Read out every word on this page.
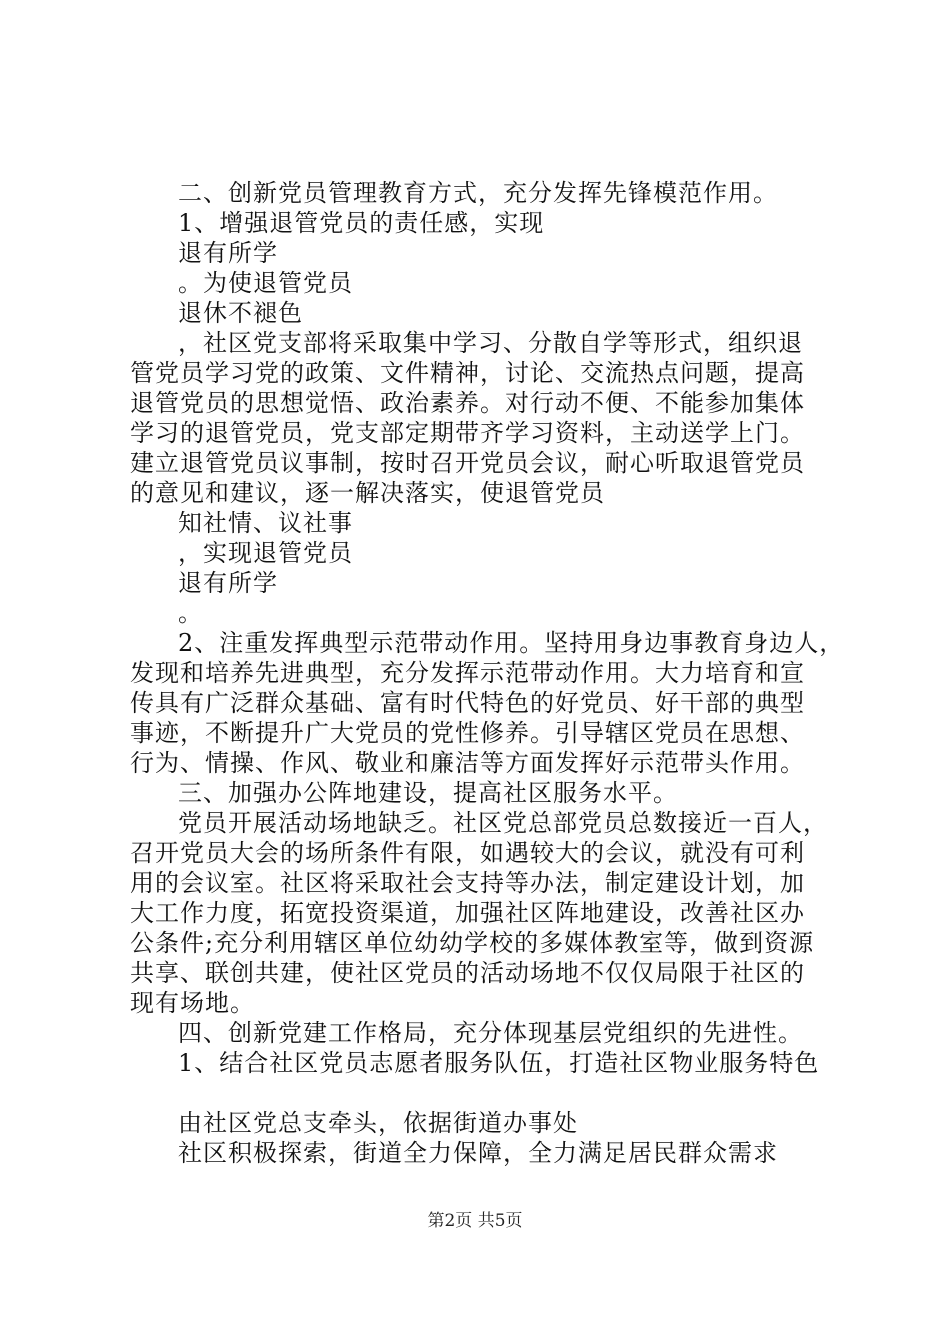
二、创新党员管理教育方式，充分发挥先锋模范作用。
1、增强退管党员的责任感，实现
退有所学
。为使退管党员
退休不褪色
，社区党支部将采取集中学习、分散自学等形式，组织退
管党员学习党的政策、文件精神，讨论、交流热点问题，提高
退管党员的思想觉悟、政治素养。对行动不便、不能参加集体
学习的退管党员，党支部定期带齐学习资料，主动送学上门。
建立退管党员议事制，按时召开党员会议，耐心听取退管党员
的意见和建议，逐一解决落实，使退管党员
知社情、议社事
，实现退管党员
退有所学
。
2、注重发挥典型示范带动作用。坚持用身边事教育身边人，
发现和培养先进典型，充分发挥示范带动作用。大力培育和宣
传具有广泛群众基础、富有时代特色的好党员、好干部的典型
事迹，不断提升广大党员的党性修养。引导辖区党员在思想、
行为、情操、作风、敬业和廉洁等方面发挥好示范带头作用。
三、加强办公阵地建设，提高社区服务水平。
党员开展活动场地缺乏。社区党总部党员总数接近一百人，
召开党员大会的场所条件有限，如遇较大的会议，就没有可利
用的会议室。社区将采取社会支持等办法，制定建设计划，加
大工作力度，拓宽投资渠道，加强社区阵地建设，改善社区办
公条件;充分利用辖区单位幼幼学校的多媒体教室等，做到资源
共享、联创共建，使社区党员的活动场地不仅仅局限于社区的
现有场地。
四、创新党建工作格局，充分体现基层党组织的先进性。
1、结合社区党员志愿者服务队伍，打造社区物业服务特色
由社区党总支牵头，依据街道办事处
社区积极探索，街道全力保障，全力满足居民群众需求
第2页 共5页
